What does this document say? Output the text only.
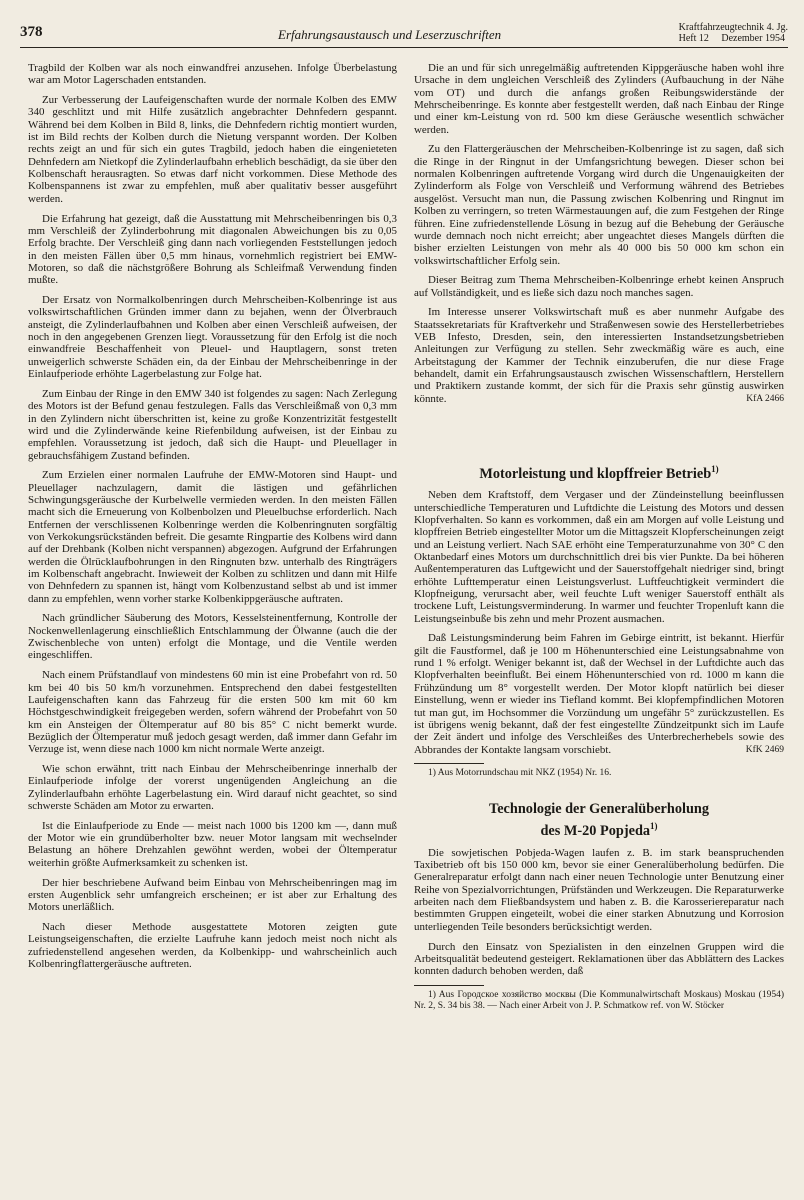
378	Erfahrungsaustausch und Leserzuschriften	Kraftfahrzeugtechnik 4. Jg.
Heft 12     Dezember 1954

Tragbild der Kolben war als noch einwandfrei anzusehen. Infolge Überbelastung war am Motor Lagerschaden entstanden.

Zur Verbesserung der Laufeigenschaften wurde der normale Kolben des EMW 340 geschlitzt und mit Hilfe zusätzlich angebrachter Dehnfedern gespannt. Während bei dem Kolben in Bild 8, links, die Dehnfedern richtig montiert wurden, ist im Bild rechts der Kolben durch die Nietung verspannt worden. Der Kolben rechts zeigt an und für sich ein gutes Tragbild, jedoch haben die eingenieteten Dehnfedern am Nietkopf die Zylinderlaufbahn erheblich beschädigt, da sie über den Kolbenschaft herausragten. So etwas darf nicht vorkommen. Diese Methode des Kolbenspannens ist zwar zu empfehlen, muß aber qualitativ besser ausgeführt werden.

Die Erfahrung hat gezeigt, daß die Ausstattung mit Mehrscheibenringen bis 0,3 mm Verschleiß der Zylinderbohrung mit diagonalen Abweichungen bis zu 0,05 Erfolg brachte. Der Verschleiß ging dann nach vorliegenden Feststellungen jedoch in den meisten Fällen über 0,5 mm hinaus, vornehmlich registriert bei EMW-Motoren, so daß die nächstgrößere Bohrung als Schleifmaß Verwendung finden mußte.

Der Ersatz von Normalkolbenringen durch Mehrscheiben-Kolbenringe ist aus volkswirtschaftlichen Gründen immer dann zu bejahen, wenn der Ölverbrauch ansteigt, die Zylinderlaufbahnen und Kolben aber einen Verschleiß aufweisen, der noch in den angegebenen Grenzen liegt. Voraussetzung für den Erfolg ist die noch einwandfreie Beschaffenheit von Pleuel- und Hauptlagern, sonst treten unweigerlich schwerste Schäden ein, da der Einbau der Mehrscheibenringe in der Einlaufperiode erhöhte Lagerbelastung zur Folge hat.

Zum Einbau der Ringe in den EMW 340 ist folgendes zu sagen: Nach Zerlegung des Motors ist der Befund genau festzulegen. Falls das Verschleißmaß von 0,3 mm in den Zylindern nicht überschritten ist, keine zu große Konzentrizität festgestellt wird und die Zylinderwände keine Riefenbildung aufweisen, ist der Einbau zu empfehlen. Voraussetzung ist jedoch, daß sich die Haupt- und Pleuellager in gebrauchsfähigem Zustand befinden.

Zum Erzielen einer normalen Laufruhe der EMW-Motoren sind Haupt- und Pleuellager nachzulagern, damit die lästigen und gefährlichen Schwingungsgeräusche der Kurbelwelle vermieden werden. In den meisten Fällen macht sich die Erneuerung von Kolbenbolzen und Pleuelbuchse erforderlich. Nach Entfernen der verschlissenen Kolbenringe werden die Kolbenringnuten sorgfältig von Verkokungsrückständen befreit. Die gesamte Ringpartie des Kolbens wird dann auf der Drehbank (Kolben nicht verspannen) abgezogen. Aufgrund der Erfahrungen werden die Ölrücklaufbohrungen in den Ringnuten bzw. unterhalb des Ringträgers im Kolbenschaft angebracht. Inwieweit der Kolben zu schlitzen und dann mit Hilfe von Dehnfedern zu spannen ist, hängt vom Kolbenzustand selbst ab und ist immer dann zu empfehlen, wenn vorher starke Kolbenkippgeräusche auftraten.

Nach gründlicher Säuberung des Motors, Kesselsteinentfernung, Kontrolle der Nockenwellenlagerung einschließlich Entschlammung der Ölwanne (auch die der Zwischenbleche von unten) erfolgt die Montage, und die Ventile werden eingeschliffen.

Nach einem Prüfstandlauf von mindestens 60 min ist eine Probefahrt von rd. 50 km bei 40 bis 50 km/h vorzunehmen. Entsprechend den dabei festgestellten Laufeigenschaften kann das Fahrzeug für die ersten 500 km mit 60 km Höchstgeschwindigkeit freigegeben werden, sofern während der Probefahrt von 50 km ein Ansteigen der Öltemperatur auf 80 bis 85° C nicht bemerkt wurde. Bezüglich der Öltemperatur muß jedoch gesagt werden, daß immer dann Gefahr im Verzuge ist, wenn diese nach 1000 km nicht normale Werte anzeigt.

Wie schon erwähnt, tritt nach Einbau der Mehrscheibenringe innerhalb der Einlaufperiode infolge der vorerst ungenügenden Angleichung an die Zylinderlaufbahn erhöhte Lagerbelastung ein. Wird darauf nicht geachtet, so sind schwerste Schäden am Motor zu erwarten.

Ist die Einlaufperiode zu Ende — meist nach 1000 bis 1200 km —, dann muß der Motor wie ein grundüberholter bzw. neuer Motor langsam mit wechselnder Belastung an höhere Drehzahlen gewöhnt werden, wobei der Öltemperatur weiterhin größte Aufmerksamkeit zu schenken ist.

Der hier beschriebene Aufwand beim Einbau von Mehrscheibenringen mag im ersten Augenblick sehr umfangreich erscheinen; er ist aber zur Erhaltung des Motors unerläßlich.

Nach dieser Methode ausgestattete Motoren zeigten gute Leistungseigenschaften, die erzielte Laufruhe kann jedoch meist noch nicht als zufriedenstellend angesehen werden, da Kolbenkipp- und wahrscheinlich auch Kolbenringflattergeräusche auftreten.

Die an und für sich unregelmäßig auftretenden Kippgeräusche haben wohl ihre Ursache in dem ungleichen Verschleiß des Zylinders (Aufbauchung in der Nähe vom OT) und durch die anfangs großen Reibungswiderstände der Mehrscheibenringe. Es konnte aber festgestellt werden, daß nach Einbau der Ringe und einer km-Leistung von rd. 500 km diese Geräusche wesentlich schwächer werden.

Zu den Flattergeräuschen der Mehrscheiben-Kolbenringe ist zu sagen, daß sich die Ringe in der Ringnut in der Umfangsrichtung bewegen. Dieser schon bei normalen Kolbenringen auftretende Vorgang wird durch die Ungenauigkeiten der Zylinderform als Folge von Verschleiß und Verformung während des Betriebes ausgelöst. Versucht man nun, die Passung zwischen Kolbenring und Ringnut im Kolben zu verringern, so treten Wärmestauungen auf, die zum Festgehen der Ringe führen. Eine zufriedenstellende Lösung in bezug auf die Behebung der Geräusche wurde demnach noch nicht erreicht; aber ungeachtet dieses Mangels dürften die bisher erzielten Leistungen von mehr als 40 000 bis 50 000 km schon ein volkswirtschaftlicher Erfolg sein.

Dieser Beitrag zum Thema Mehrscheiben-Kolbenringe erhebt keinen Anspruch auf Vollständigkeit, und es ließe sich dazu noch manches sagen.

Im Interesse unserer Volkswirtschaft muß es aber nunmehr Aufgabe des Staatssekretariats für Kraftverkehr und Straßenwesen sowie des Herstellerbetriebes VEB Infesto, Dresden, sein, den interessierten Instandsetzungsbetrieben Anleitungen zur Verfügung zu stellen. Sehr zweckmäßig wäre es auch, eine Arbeitstagung der Kammer der Technik einzuberufen, die nur diese Frage behandelt, damit ein Erfahrungsaustausch zwischen Wissenschaftlern, Herstellern und Praktikern zustande kommt, der sich für die Praxis sehr günstig auswirken könnte.	KfA 2466

Motorleistung und klopffreier Betrieb$^{1)}$

Neben dem Kraftstoff, dem Vergaser und der Zündeinstellung beeinflussen unterschiedliche Temperaturen und Luftdichte die Leistung des Motors und dessen Klopfverhalten. So kann es vorkommen, daß ein am Morgen auf volle Leistung und klopffreien Betrieb eingestellter Motor um die Mittagszeit Klopferscheinungen zeigt und an Leistung verliert. Nach SAE erhöht eine Temperaturzunahme von 30° C den Oktanbedarf eines Motors um durchschnittlich drei bis vier Punkte. Da bei höheren Außentemperaturen das Luftgewicht und der Sauerstoffgehalt niedriger sind, bringt erhöhte Lufttemperatur einen Leistungsverlust. Luftfeuchtigkeit vermindert die Klopfneigung, verursacht aber, weil feuchte Luft weniger Sauerstoff enthält als trockene Luft, Leistungsverminderung. In warmer und feuchter Tropenluft kann die Leistungseinbuße bis zehn und mehr Prozent ausmachen.

Daß Leistungsminderung beim Fahren im Gebirge eintritt, ist bekannt. Hierfür gilt die Faustformel, daß je 100 m Höhenunterschied eine Leistungsabnahme von rund 1 % erfolgt. Weniger bekannt ist, daß der Wechsel in der Luftdichte auch das Klopfverhalten beeinflußt. Bei einem Höhenunterschied von rd. 1000 m kann die Frühzündung um 8° vorgestellt werden. Der Motor klopft natürlich bei dieser Einstellung, wenn er wieder ins Tiefland kommt. Bei klopfempfindlichen Motoren tut man gut, im Hochsommer die Vorzündung um ungefähr 5° zurückzustellen. Es ist übrigens wenig bekannt, daß der fest eingestellte Zündzeitpunkt sich im Laufe der Zeit ändert und infolge des Verschleißes des Unterbrecherhebels sowie des Abbrandes der Kontakte langsam vorschiebt.	KfK 2469

1) Aus Motorrundschau mit NKZ (1954) Nr. 16.

Technologie der Generalüberholung
des M-20 Popjeda$^{1)}$

Die sowjetischen Pobjeda-Wagen laufen z. B. im stark beanspruchenden Taxibetrieb oft bis 150 000 km, bevor sie einer Generalüberholung bedürfen. Die Generalreparatur erfolgt dann nach einer neuen Technologie unter Benutzung einer Reihe von Spezialvorrichtungen, Prüfständen und Werkzeugen. Die Reparaturwerke arbeiten nach dem Fließbandsystem und haben z. B. die Karosseriereparatur nach bestimmten Gruppen eingeteilt, wobei die einer starken Abnutzung und Korrosion unterliegenden Teile besonders berücksichtigt werden.

Durch den Einsatz von Spezialisten in den einzelnen Gruppen wird die Arbeitsqualität bedeutend gesteigert. Reklamationen über das Abblättern des Lackes konnten dadurch behoben werden, daß

1) Aus Городское хозяйство москвы (Die Kommunalwirtschaft Moskaus) Moskau (1954) Nr. 2, S. 34 bis 38. — Nach einer Arbeit von J. P. Schmatkow ref. von W. Stöcker
